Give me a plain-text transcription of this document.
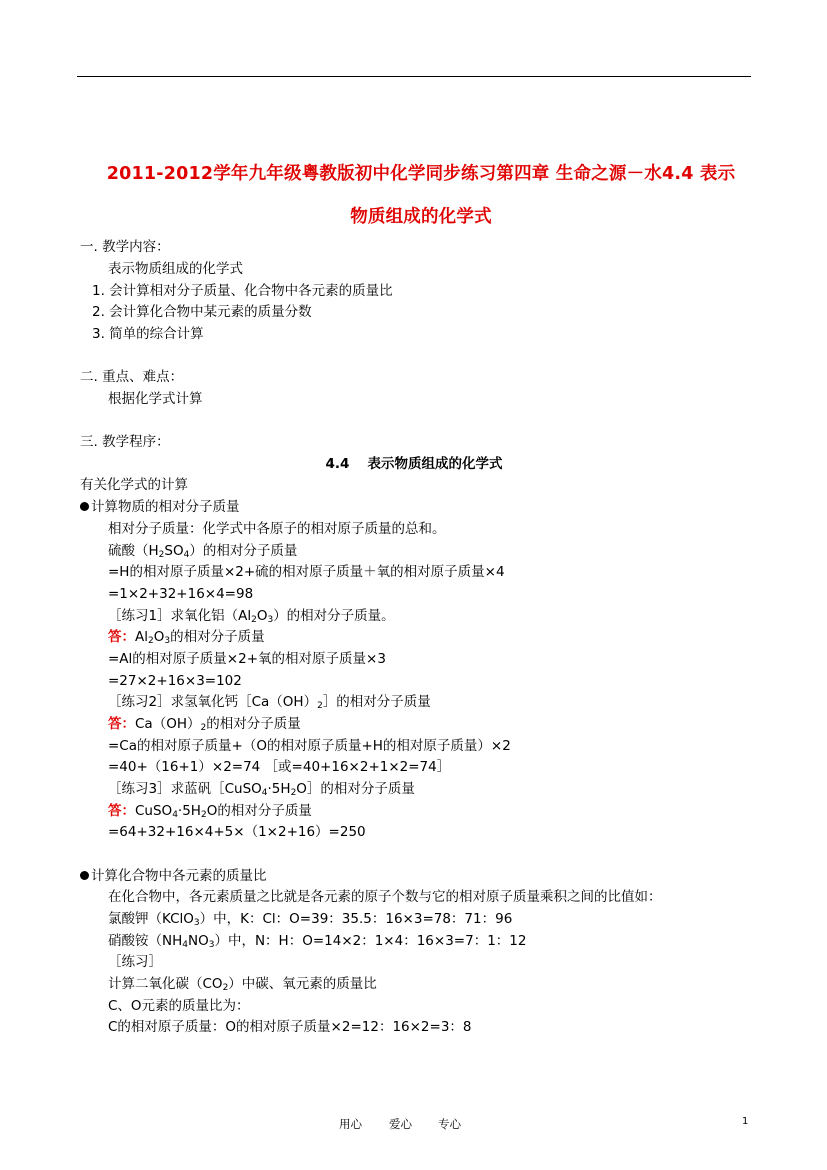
2011-2012学年九年级粤教版初中化学同步练习第四章 生命之源－水4.4 表示
物质组成的化学式
一. 教学内容：
表示物质组成的化学式
1. 会计算相对分子质量、化合物中各元素的质量比
2. 会计算化合物中某元素的质量分数
3. 简单的综合计算
二. 重点、难点：
根据化学式计算
三. 教学程序：
4.4　 表示物质组成的化学式
有关化学式的计算
计算物质的相对分子质量
相对分子质量：化学式中各原子的相对原子质量的总和。
硫酸$(H_2SO_4)$的相对分子质量
=H的相对原子质量×2+硫的相对原子质量＋氧的相对原子质量×4
=1×2+32+16×4=98
［练习1］求氧化铝$(Al_2O_3)$的相对分子质量。
答：$Al_2O_3$的相对分子质量
=Al的相对原子质量×2+氧的相对原子质量×3
=27×2+16×3=102
［练习2］求氢氧化钙$[Ca(OH)_2]$的相对分子质量
答：$Ca(OH)_2$的相对分子质量
=Ca的相对原子质量+（O的相对原子质量+H的相对原子质量）×2
=40+（16+1）×2=74 ［或=40+16×2+1×2=74］
［练习3］求蓝矾$[CuSO_4\cdot 5H_2O]$的相对分子质量
答：$CuSO_4\cdot 5H_2O$的相对分子质量
=64+32+16×4+5×（1×2+16）=250
计算化合物中各元素的质量比
在化合物中，各元素质量之比就是各元素的原子个数与它的相对原子质量乘积之间的比值如：
氯酸钾（KClO$_3$）中，K：Cl：O=39：35.5：16×3=78：71：96
硝酸铵$(NH_4NO_3)$中，N：H：O=14×2：1×4：16×3=7：1：12
［练习］
计算二氧化碳$(CO_2)$中碳、氧元素的质量比
C、O元素的质量比为：
C的相对原子质量：O的相对原子质量×2=12：16×2=3：8
用心 爱心 专心	1
